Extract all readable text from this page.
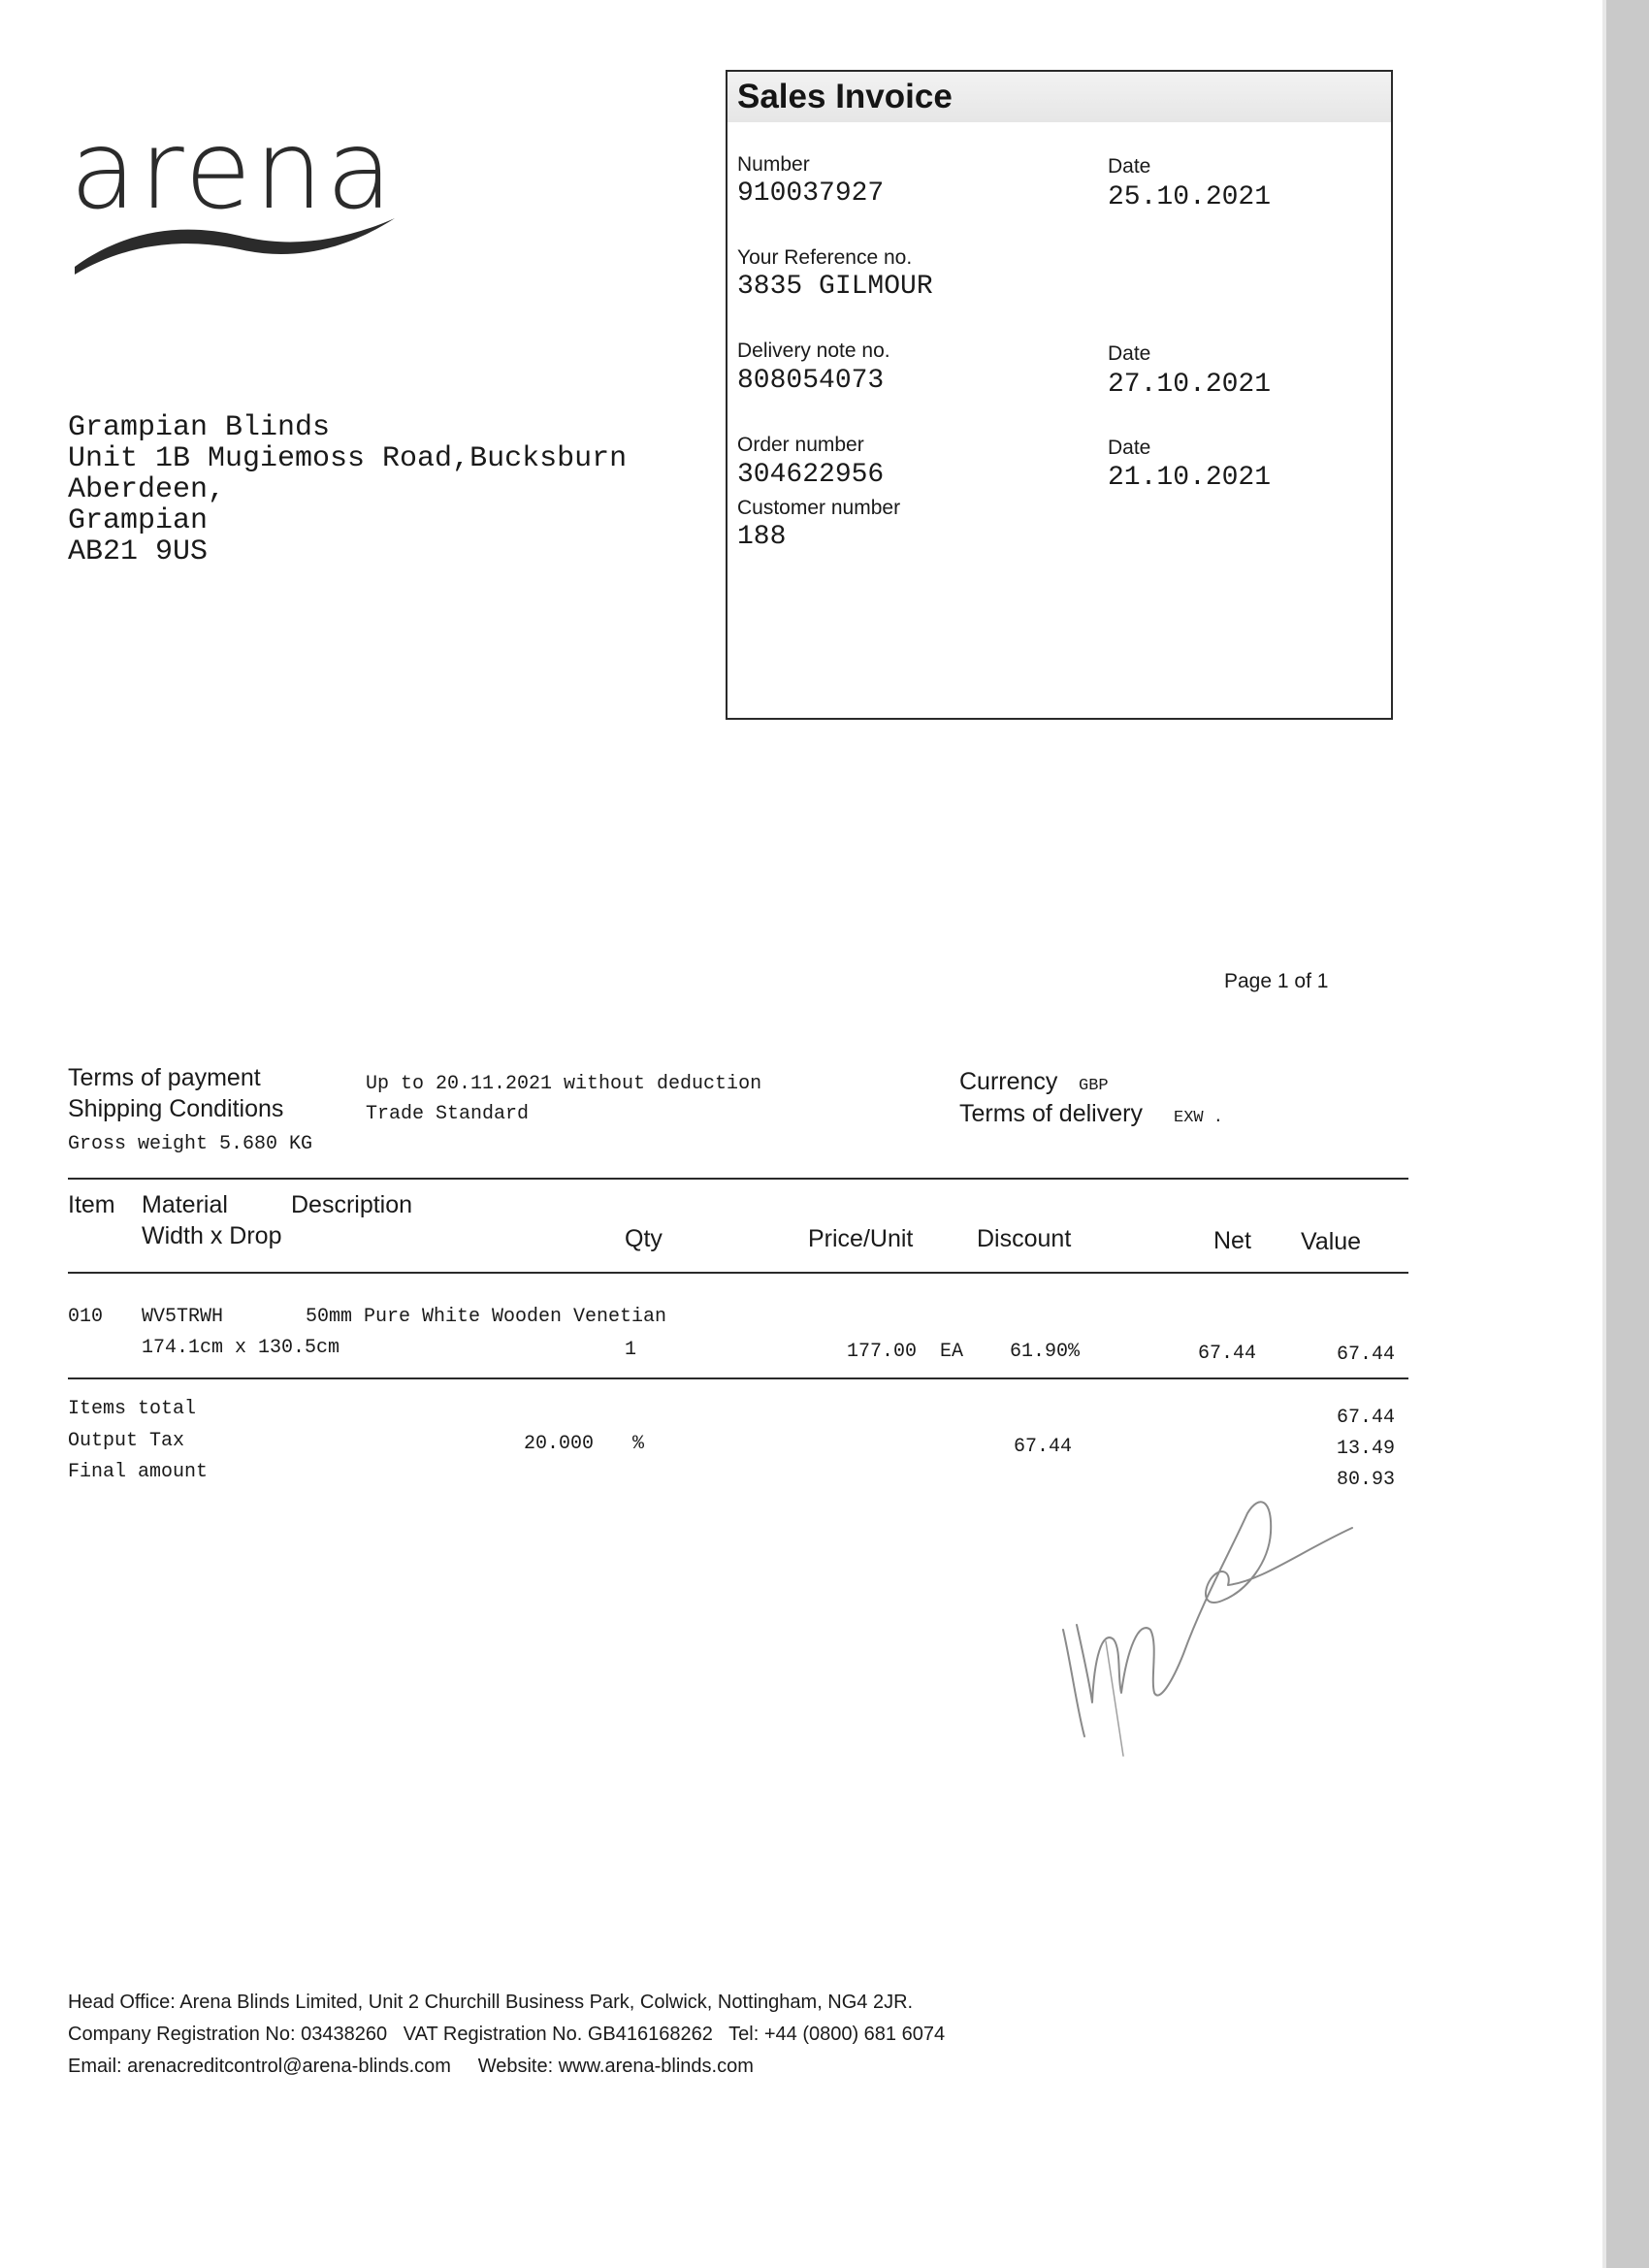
arena
Grampian Blinds
Unit 1B Mugiemoss Road,Bucksburn
Aberdeen,
Grampian
AB21 9US
Sales Invoice
Number
910037927
Date
25.10.2021
Your Reference no.
3835 GILMOUR
Delivery note no.
808054073
Date
27.10.2021
Order number
304622956
Date
21.10.2021
Customer number
188
Page 1 of 1
Terms of payment	Up to 20.11.2021 without deduction
Shipping Conditions	Trade Standard
Gross weight 5.680 KG
Currency GBP
Terms of delivery EXW .
Item Material	Description
Width x Drop	Qty	Price/Unit	Discount	Net Value
010 WV5TRWH	50mm Pure White Wooden Venetian
174.1cm x 130.5cm	1	177.00 EA 61.90%	67.44	67.44
Items total	67.44
Output Tax	20.000 %	67.44	13.49
Final amount	80.93
Head Office: Arena Blinds Limited, Unit 2 Churchill Business Park, Colwick, Nottingham, NG4 2JR.
Company Registration No: 03438260   VAT Registration No. GB416168262   Tel: +44 (0800) 681 6074
Email: arenacreditcontrol@arena-blinds.com     Website: www.arena-blinds.com
